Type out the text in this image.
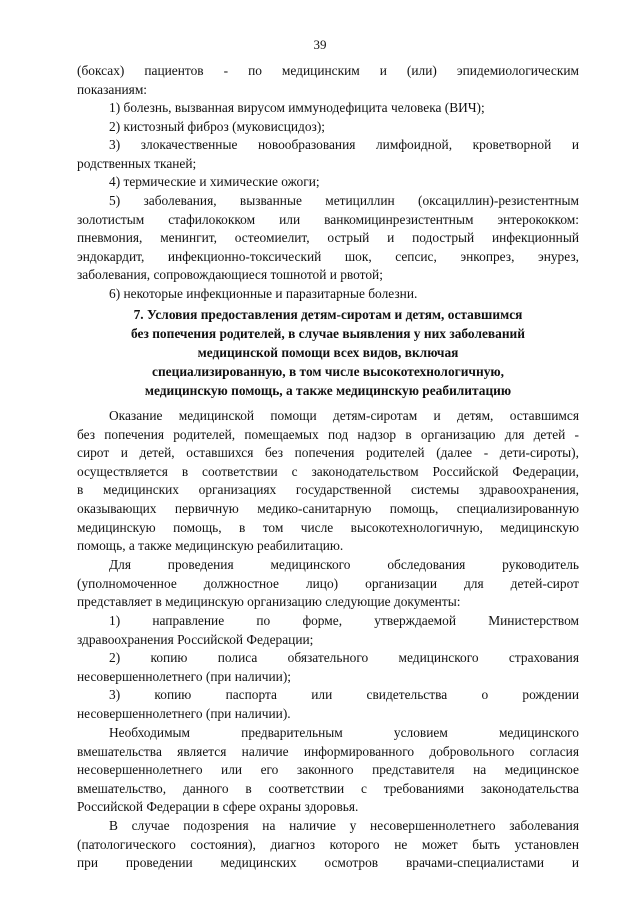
39
(боксах) пациентов - по медицинским и (или) эпидемиологическим
показаниям:
1) болезнь, вызванная вирусом иммунодефицита человека (ВИЧ);
2) кистозный фиброз (муковисцидоз);
3) злокачественные новообразования лимфоидной, кроветворной и
родственных тканей;
4) термические и химические ожоги;
5) заболевания, вызванные метициллин (оксациллин)-резистентным
золотистым стафилококком или ванкомицинрезистентным энтерококком:
пневмония, менингит, остеомиелит, острый и подострый инфекционный
эндокардит, инфекционно-токсический шок, сепсис, энкопрез, энурез,
заболевания, сопровождающиеся тошнотой и рвотой;
6) некоторые инфекционные и паразитарные болезни.
7. Условия предоставления детям-сиротам и детям, оставшимся
без попечения родителей, в случае выявления у них заболеваний
медицинской помощи всех видов, включая
специализированную, в том числе высокотехнологичную,
медицинскую помощь, а также медицинскую реабилитацию
Оказание медицинской помощи детям-сиротам и детям, оставшимся
без попечения родителей, помещаемых под надзор в организацию для детей -
сирот и детей, оставшихся без попечения родителей (далее - дети-сироты),
осуществляется в соответствии с законодательством Российской Федерации,
в медицинских организациях государственной системы здравоохранения,
оказывающих первичную медико-санитарную помощь, специализированную
медицинскую помощь, в том числе высокотехнологичную, медицинскую
помощь, а также медицинскую реабилитацию.
Для проведения медицинского обследования руководитель
(уполномоченное должностное лицо) организации для детей-сирот
представляет в медицинскую организацию следующие документы:
1) направление по форме, утверждаемой Министерством
здравоохранения Российской Федерации;
2) копию полиса обязательного медицинского страхования
несовершеннолетнего (при наличии);
3) копию паспорта или свидетельства о рождении
несовершеннолетнего (при наличии).
Необходимым предварительным условием медицинского
вмешательства является наличие информированного добровольного согласия
несовершеннолетнего или его законного представителя на медицинское
вмешательство, данного в соответствии с требованиями законодательства
Российской Федерации в сфере охраны здоровья.
В случае подозрения на наличие у несовершеннолетнего заболевания
(патологического состояния), диагноз которого не может быть установлен
при проведении медицинских осмотров врачами-специалистами и
